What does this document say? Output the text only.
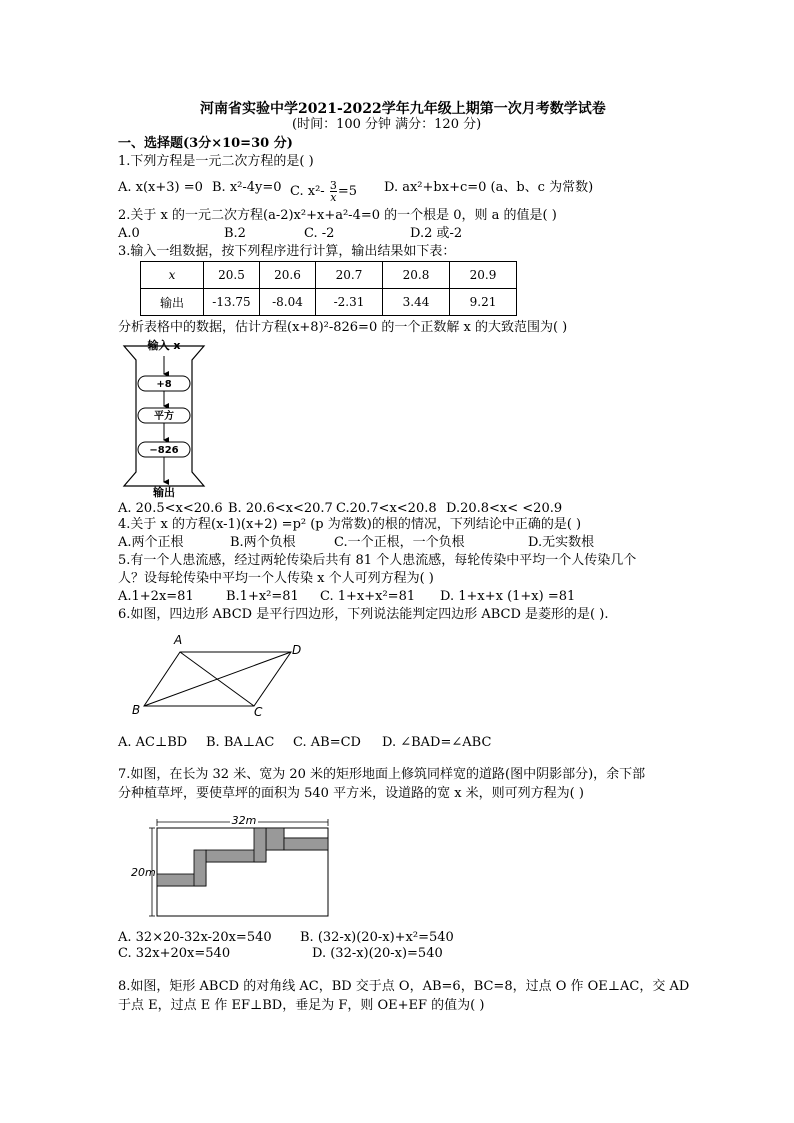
河南省实验中学2021-2022学年九年级上期第一次月考数学试卷
(时间：100 分钟 满分：120 分)
一、选择题(3分×10=30 分)
1.下列方程是一元二次方程的是( )
A. x(x+3) =0 B. x²-4y=0 C. $x^2- \frac{3}{x} =5$ D. ax²+bx+c=0 (a、b、c 为常数)
2.关于 x 的一元二次方程(a-2)x²+x+a²-4=0 的一个根是 0，则 a 的值是( )
A.0	B.2	C. -2	D.2 或-2
3.输入一组数据，按下列程序进行计算，输出结果如下表：
x	20.5	20.6	20.7	20.8	20.9
输出	-13.75	-8.04	-2.31	3.44	9.21
分析表格中的数据，估计方程(x+8)²-826=0 的一个正数解 x 的大致范围为( )
输入 x
+8
平方
−826
输出
A. 20.5<x<20.6 B. 20.6<x<20.7 C.20.7<x<20.8 D.20.8<x< <20.9
4.关于 x 的方程(x-1)(x+2) =p² (p 为常数)的根的情况，下列结论中正确的是( )
A.两个正根	B.两个负根	C.一个正根，一个负根	D.无实数根
5.有一个人患流感，经过两轮传染后共有 81 个人患流感，每轮传染中平均一个人传染几个
人？设每轮传染中平均一个人传染 x 个人可列方程为( )
A.1+2x=81 B.1+x²=81 C. 1+x+x²=81 D. 1+x+x (1+x) =81
6.如图，四边形 ABCD 是平行四边形，下列说法能判定四边形 ABCD 是菱形的是( ).
A
D
B	C
A. AC⊥BD B. BA⊥AC C. AB=CD D. ∠BAD=∠ABC
7.如图，在长为 32 米、宽为 20 米的矩形地面上修筑同样宽的道路(图中阴影部分)，余下部
分种植草坪，要使草坪的面积为 540 平方米，设道路的宽 x 米，则可列方程为( )
32m
20m
A. 32×20-32x-20x=540 B. (32-x)(20-x)+x²=540
C. 32x+20x=540	D. (32-x)(20-x)=540
8.如图，矩形 ABCD 的对角线 AC，BD 交于点 O，AB=6，BC=8，过点 O 作 OE⊥AC，交 AD
于点 E，过点 E 作 EF⊥BD，垂足为 F，则 OE+EF 的值为( )
